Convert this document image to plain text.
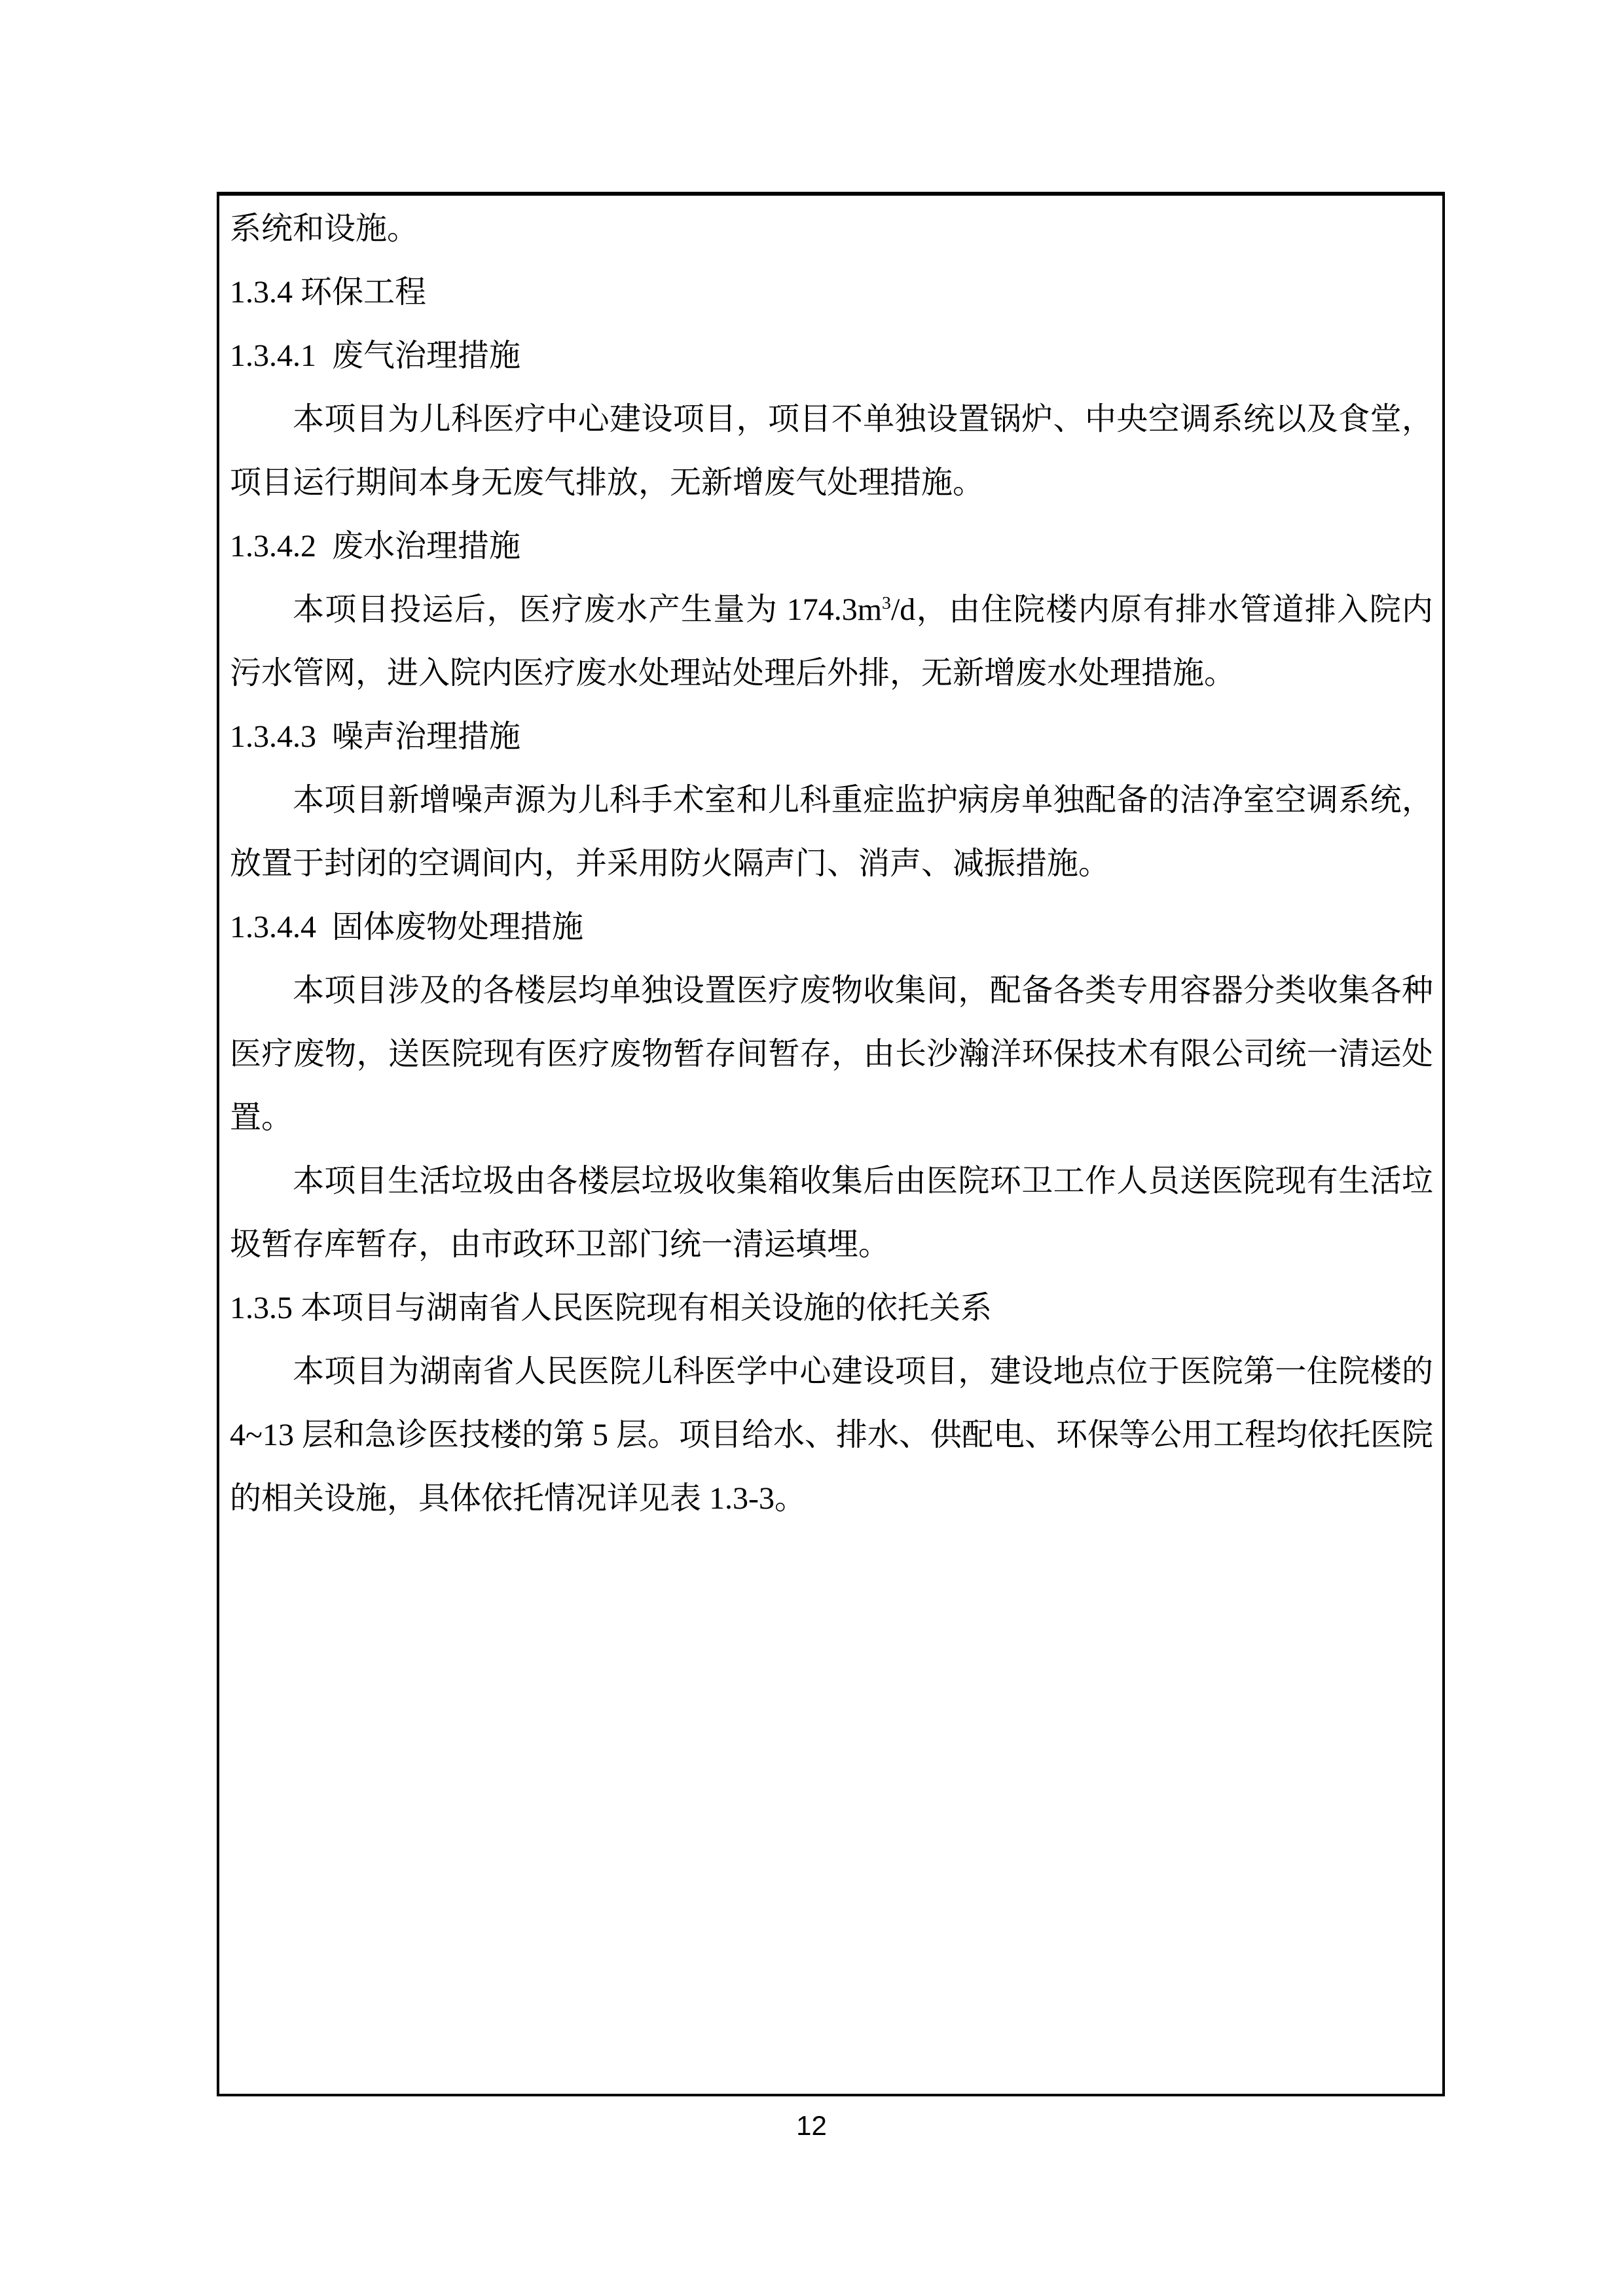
系统和设施。

1.3.4 环保工程

1.3.4.1  废气治理措施

本项目为儿科医疗中心建设项目，项目不单独设置锅炉、中央空调系统以及食堂，项目运行期间本身无废气排放，无新增废气处理措施。

1.3.4.2  废水治理措施

本项目投运后，医疗废水产生量为 $174.3m^3/d$，由住院楼内原有排水管道排入院内污水管网，进入院内医疗废水处理站处理后外排，无新增废水处理措施。

1.3.4.3  噪声治理措施

本项目新增噪声源为儿科手术室和儿科重症监护病房单独配备的洁净室空调系统，放置于封闭的空调间内，并采用防火隔声门、消声、减振措施。

1.3.4.4  固体废物处理措施

本项目涉及的各楼层均单独设置医疗废物收集间，配备各类专用容器分类收集各种医疗废物，送医院现有医疗废物暂存间暂存，由长沙瀚洋环保技术有限公司统一清运处置。

本项目生活垃圾由各楼层垃圾收集箱收集后由医院环卫工作人员送医院现有生活垃圾暂存库暂存，由市政环卫部门统一清运填埋。

1.3.5 本项目与湖南省人民医院现有相关设施的依托关系

本项目为湖南省人民医院儿科医学中心建设项目，建设地点位于医院第一住院楼的 4~13 层和急诊医技楼的第 5 层。项目给水、排水、供配电、环保等公用工程均依托医院的相关设施，具体依托情况详见表 1.3-3。

12
